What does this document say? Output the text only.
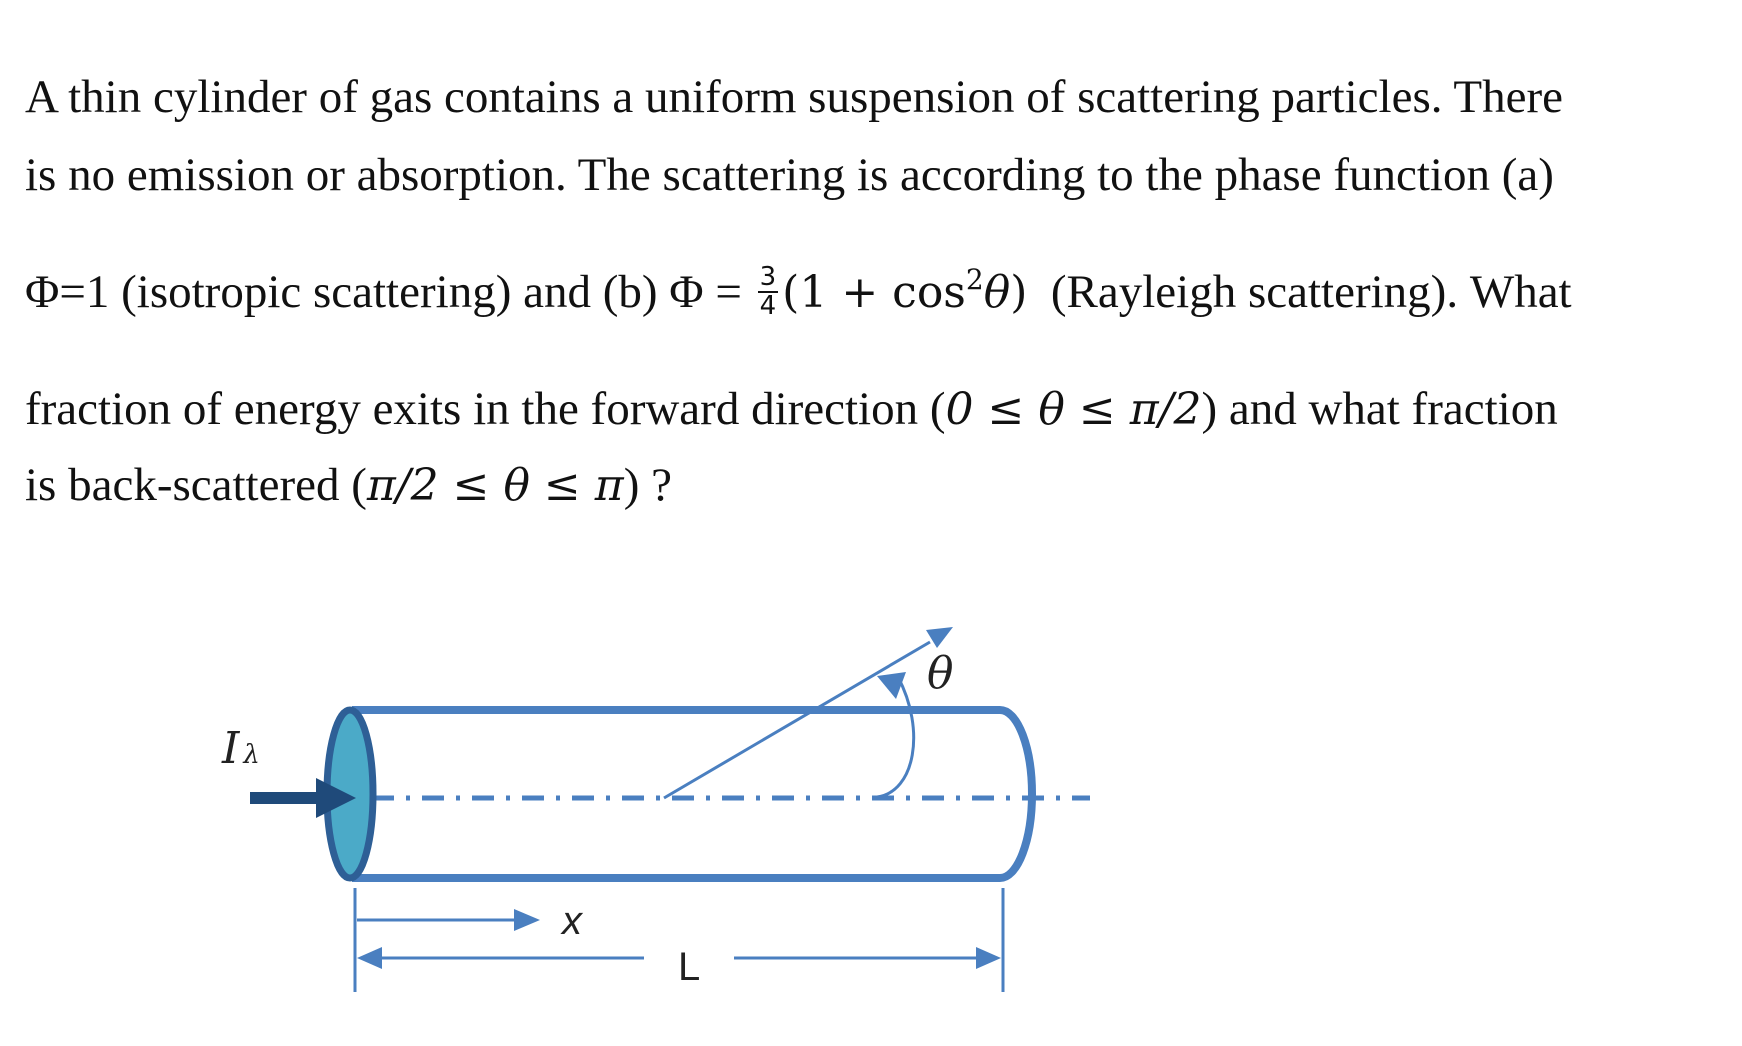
A thin cylinder of gas contains a uniform suspension of scattering particles. There
is no emission or absorption. The scattering is according to the phase function (a)
Φ=1 (isotropic scattering) and (b) $\Phi = \frac{3}{4} (1 + \cos^2\theta)$ (Rayleigh scattering). What
fraction of energy exits in the forward direction (0 ≤ θ ≤ π/2) and what fraction
is back-scattered (π/2 ≤ θ ≤ π) ?
Iλ
θ
x
L
